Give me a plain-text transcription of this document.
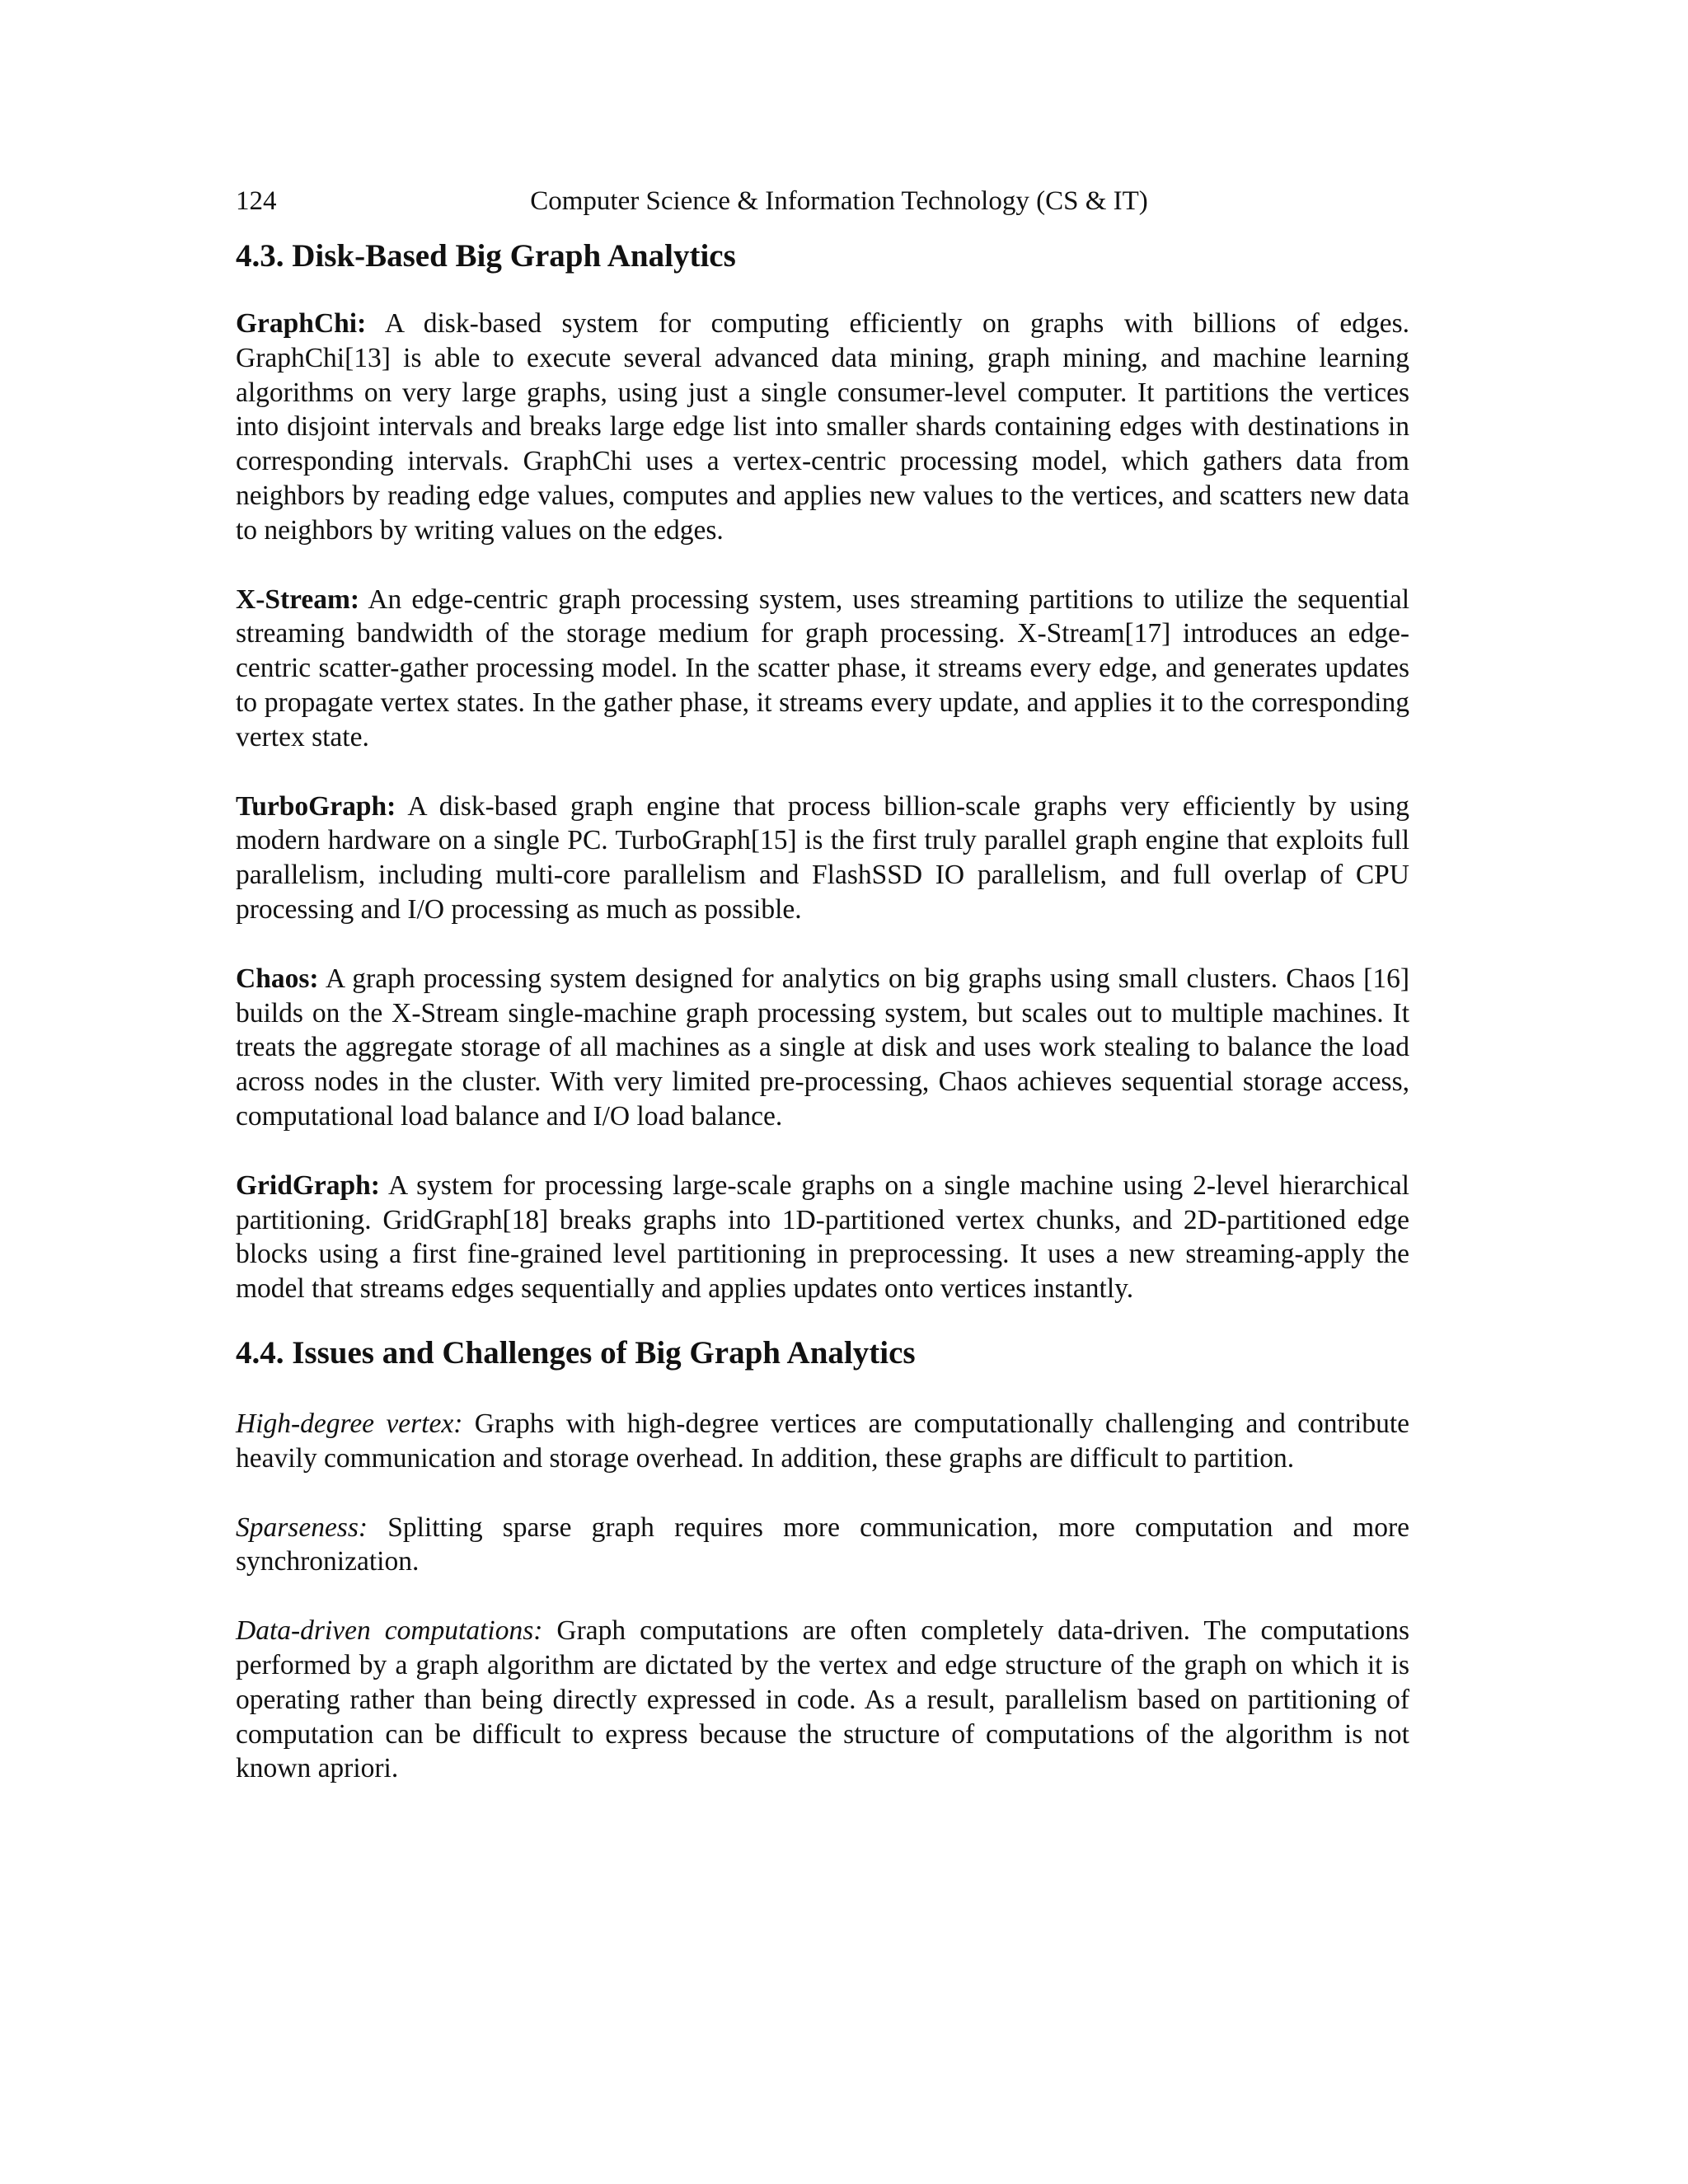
124	Computer Science & Information Technology (CS & IT)
4.3. Disk-Based Big Graph Analytics

GraphChi: A disk-based system for computing efficiently on graphs with billions of edges. GraphChi[13] is able to execute several advanced data mining, graph mining, and machine learning algorithms on very large graphs, using just a single consumer-level computer. It partitions the vertices into disjoint intervals and breaks large edge list into smaller shards containing edges with destinations in corresponding intervals. GraphChi uses a vertex-centric processing model, which gathers data from neighbors by reading edge values, computes and applies new values to the vertices, and scatters new data to neighbors by writing values on the edges.

X-Stream: An edge-centric graph processing system, uses streaming partitions to utilize the sequential streaming bandwidth of the storage medium for graph processing. X-Stream[17] introduces an edge-centric scatter-gather processing model. In the scatter phase, it streams every edge, and generates updates to propagate vertex states. In the gather phase, it streams every update, and applies it to the corresponding vertex state.

TurboGraph: A disk-based graph engine that process billion-scale graphs very efficiently by using modern hardware on a single PC. TurboGraph[15] is the first truly parallel graph engine that exploits full parallelism, including multi-core parallelism and FlashSSD IO parallelism, and full overlap of CPU processing and I/O processing as much as possible.

Chaos: A graph processing system designed for analytics on big graphs using small clusters. Chaos [16] builds on the X-Stream single-machine graph processing system, but scales out to multiple machines. It treats the aggregate storage of all machines as a single at disk and uses work stealing to balance the load across nodes in the cluster. With very limited pre-processing, Chaos achieves sequential storage access, computational load balance and I/O load balance.

GridGraph: A system for processing large-scale graphs on a single machine using 2-level hierarchical partitioning. GridGraph[18] breaks graphs into 1D-partitioned vertex chunks, and 2D-partitioned edge blocks using a first fine-grained level partitioning in preprocessing. It uses a new streaming-apply the model that streams edges sequentially and applies updates onto vertices instantly.

4.4. Issues and Challenges of Big Graph Analytics

High-degree vertex: Graphs with high-degree vertices are computationally challenging and contribute heavily communication and storage overhead. In addition, these graphs are difficult to partition.

Sparseness: Splitting sparse graph requires more communication, more computation and more synchronization.

Data-driven computations: Graph computations are often completely data-driven. The computations performed by a graph algorithm are dictated by the vertex and edge structure of the graph on which it is operating rather than being directly expressed in code. As a result, parallelism based on partitioning of computation can be difficult to express because the structure of computations of the algorithm is not known apriori.
